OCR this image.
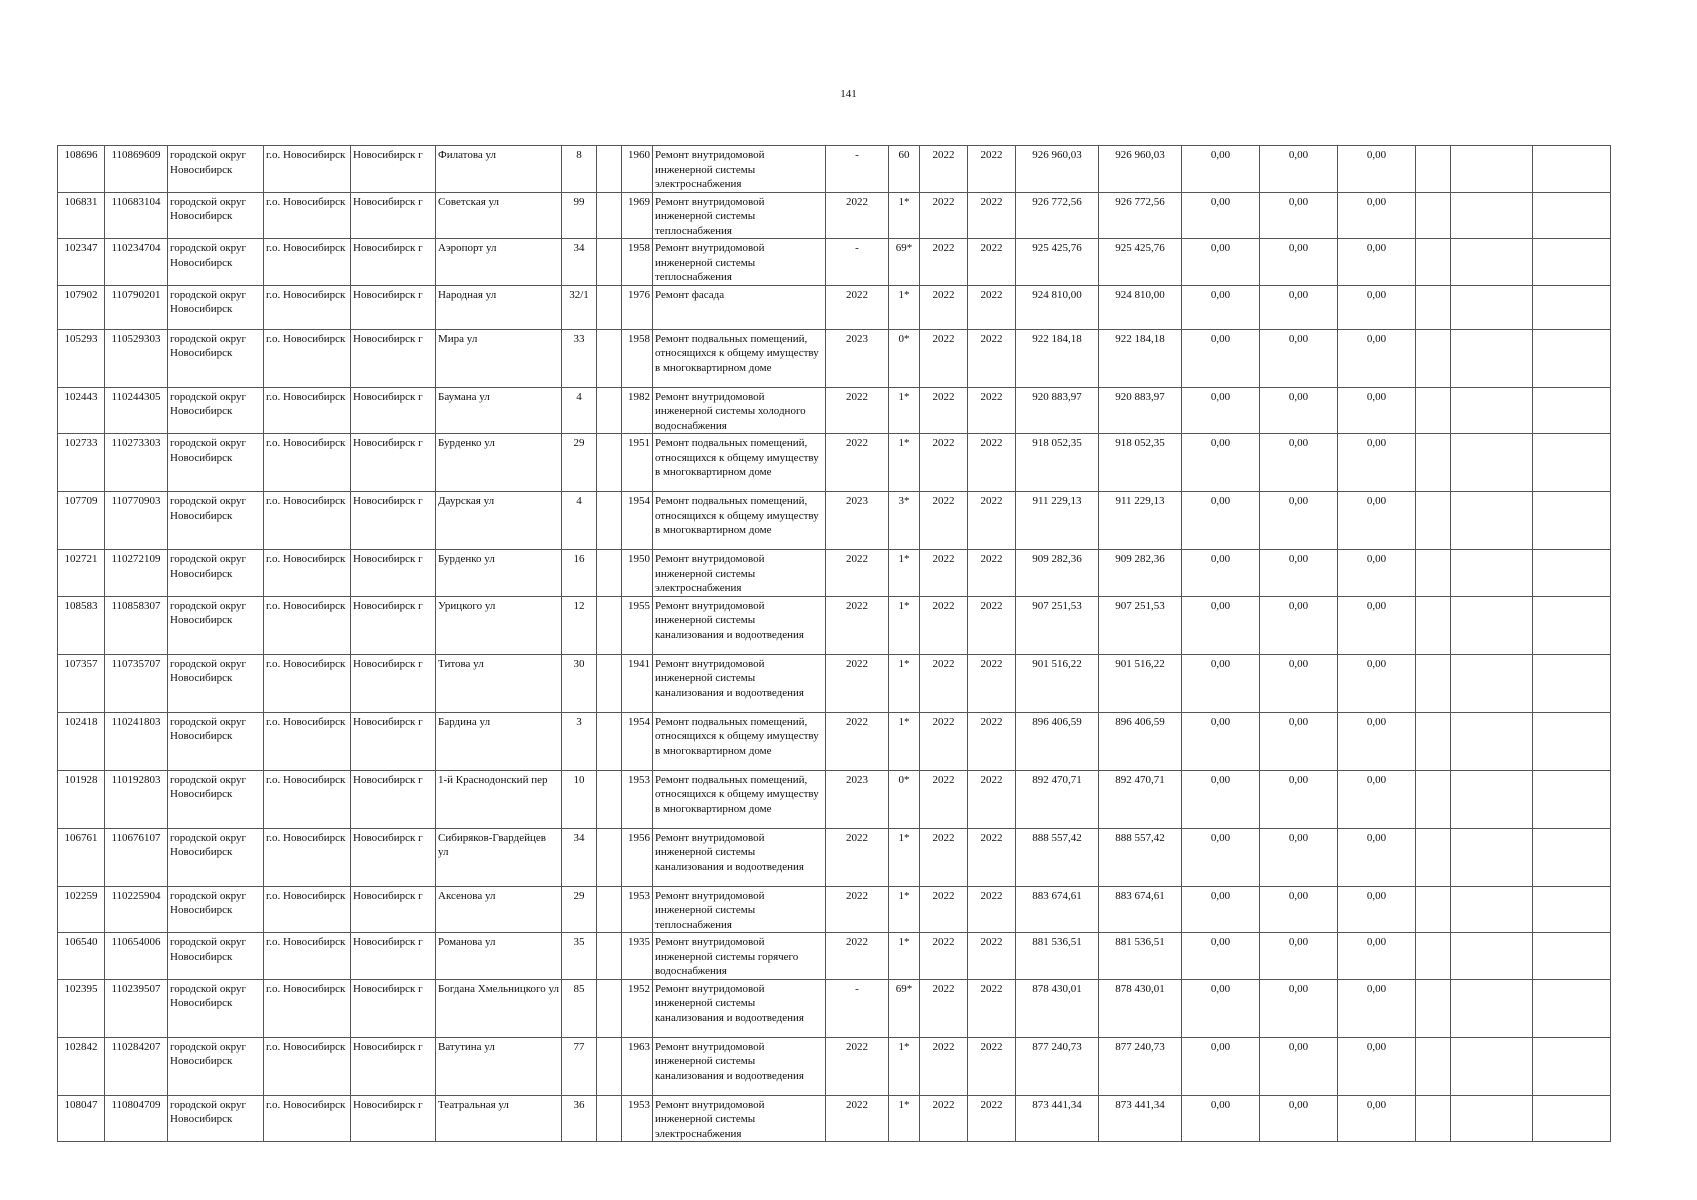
141
108696	110869609	городской округ Новосибирск	г.о. Новосибирск	Новосибирск г	Филатова ул	8		1960	Ремонт внутридомовой инженерной системы электроснабжения	-	60	2022	2022	926 960,03	926 960,03	0,00	0,00	0,00			
106831	110683104	городской округ Новосибирск	г.о. Новосибирск	Новосибирск г	Советская ул	99		1969	Ремонт внутридомовой инженерной системы теплоснабжения	2022	1*	2022	2022	926 772,56	926 772,56	0,00	0,00	0,00			
102347	110234704	городской округ Новосибирск	г.о. Новосибирск	Новосибирск г	Аэропорт ул	34		1958	Ремонт внутридомовой инженерной системы теплоснабжения	-	69*	2022	2022	925 425,76	925 425,76	0,00	0,00	0,00			
107902	110790201	городской округ Новосибирск	г.о. Новосибирск	Новосибирск г	Народная ул	32/1		1976	Ремонт фасада	2022	1*	2022	2022	924 810,00	924 810,00	0,00	0,00	0,00			
105293	110529303	городской округ Новосибирск	г.о. Новосибирск	Новосибирск г	Мира ул	33		1958	Ремонт подвальных помещений, относящихся к общему имуществу в многоквартирном доме	2023	0*	2022	2022	922 184,18	922 184,18	0,00	0,00	0,00			
102443	110244305	городской округ Новосибирск	г.о. Новосибирск	Новосибирск г	Баумана ул	4		1982	Ремонт внутридомовой инженерной системы холодного водоснабжения	2022	1*	2022	2022	920 883,97	920 883,97	0,00	0,00	0,00			
102733	110273303	городской округ Новосибирск	г.о. Новосибирск	Новосибирск г	Бурденко ул	29		1951	Ремонт подвальных помещений, относящихся к общему имуществу в многоквартирном доме	2022	1*	2022	2022	918 052,35	918 052,35	0,00	0,00	0,00			
107709	110770903	городской округ Новосибирск	г.о. Новосибирск	Новосибирск г	Даурская ул	4		1954	Ремонт подвальных помещений, относящихся к общему имуществу в многоквартирном доме	2023	3*	2022	2022	911 229,13	911 229,13	0,00	0,00	0,00			
102721	110272109	городской округ Новосибирск	г.о. Новосибирск	Новосибирск г	Бурденко ул	16		1950	Ремонт внутридомовой инженерной системы электроснабжения	2022	1*	2022	2022	909 282,36	909 282,36	0,00	0,00	0,00			
108583	110858307	городской округ Новосибирск	г.о. Новосибирск	Новосибирск г	Урицкого ул	12		1955	Ремонт внутридомовой инженерной системы канализования и водоотведения	2022	1*	2022	2022	907 251,53	907 251,53	0,00	0,00	0,00			
107357	110735707	городской округ Новосибирск	г.о. Новосибирск	Новосибирск г	Титова ул	30		1941	Ремонт внутридомовой инженерной системы канализования и водоотведения	2022	1*	2022	2022	901 516,22	901 516,22	0,00	0,00	0,00			
102418	110241803	городской округ Новосибирск	г.о. Новосибирск	Новосибирск г	Бардина ул	3		1954	Ремонт подвальных помещений, относящихся к общему имуществу в многоквартирном доме	2022	1*	2022	2022	896 406,59	896 406,59	0,00	0,00	0,00			
101928	110192803	городской округ Новосибирск	г.о. Новосибирск	Новосибирск г	1-й Краснодонский пер	10		1953	Ремонт подвальных помещений, относящихся к общему имуществу в многоквартирном доме	2023	0*	2022	2022	892 470,71	892 470,71	0,00	0,00	0,00			
106761	110676107	городской округ Новосибирск	г.о. Новосибирск	Новосибирск г	Сибиряков-Гвардейцев ул	34		1956	Ремонт внутридомовой инженерной системы канализования и водоотведения	2022	1*	2022	2022	888 557,42	888 557,42	0,00	0,00	0,00			
102259	110225904	городской округ Новосибирск	г.о. Новосибирск	Новосибирск г	Аксенова ул	29		1953	Ремонт внутридомовой инженерной системы теплоснабжения	2022	1*	2022	2022	883 674,61	883 674,61	0,00	0,00	0,00			
106540	110654006	городской округ Новосибирск	г.о. Новосибирск	Новосибирск г	Романова ул	35		1935	Ремонт внутридомовой инженерной системы горячего водоснабжения	2022	1*	2022	2022	881 536,51	881 536,51	0,00	0,00	0,00			
102395	110239507	городской округ Новосибирск	г.о. Новосибирск	Новосибирск г	Богдана Хмельницкого ул	85		1952	Ремонт внутридомовой инженерной системы канализования и водоотведения	-	69*	2022	2022	878 430,01	878 430,01	0,00	0,00	0,00			
102842	110284207	городской округ Новосибирск	г.о. Новосибирск	Новосибирск г	Ватутина ул	77		1963	Ремонт внутридомовой инженерной системы канализования и водоотведения	2022	1*	2022	2022	877 240,73	877 240,73	0,00	0,00	0,00			
108047	110804709	городской округ Новосибирск	г.о. Новосибирск	Новосибирск г	Театральная ул	36		1953	Ремонт внутридомовой инженерной системы электроснабжения	2022	1*	2022	2022	873 441,34	873 441,34	0,00	0,00	0,00			
